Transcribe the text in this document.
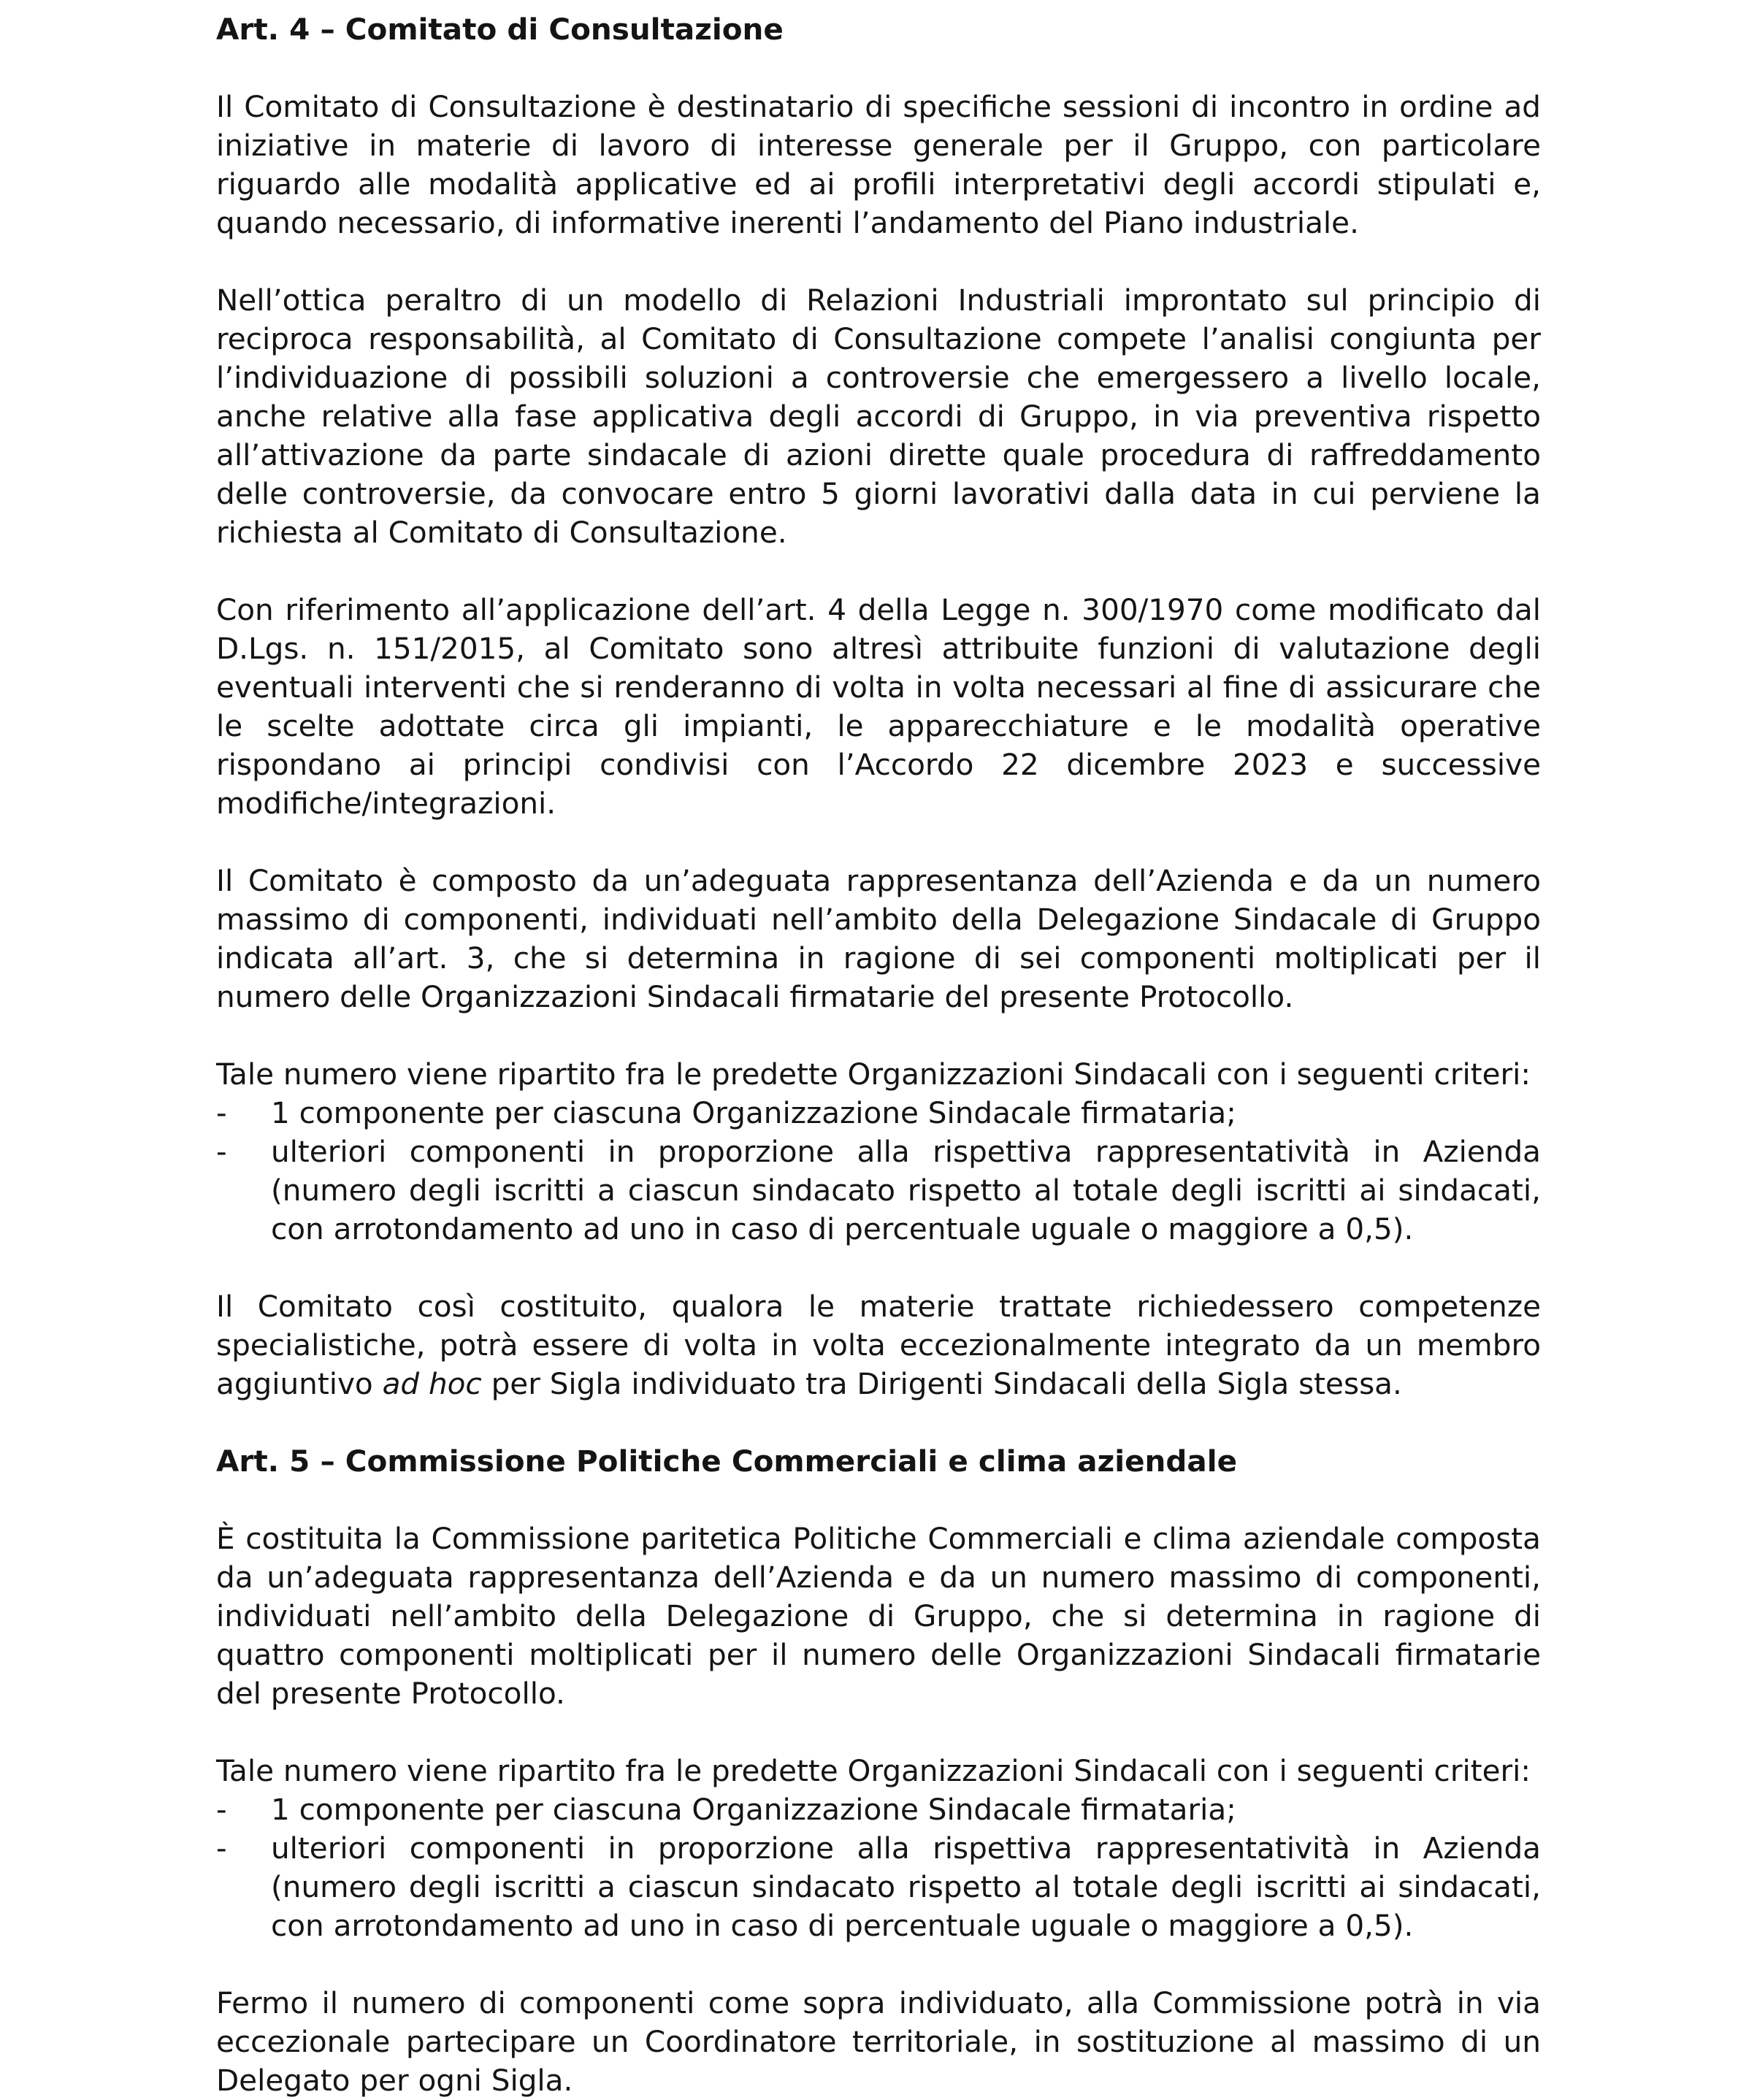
Art. 4 – Comitato di Consultazione

Il Comitato di Consultazione è destinatario di specifiche sessioni di incontro in ordine ad iniziative in materie di lavoro di interesse generale per il Gruppo, con particolare riguardo alle modalità applicative ed ai profili interpretativi degli accordi stipulati e, quando necessario, di informative inerenti l’andamento del Piano industriale.

Nell’ottica peraltro di un modello di Relazioni Industriali improntato sul principio di reciproca responsabilità, al Comitato di Consultazione compete l’analisi congiunta per l’individuazione di possibili soluzioni a controversie che emergessero a livello locale, anche relative alla fase applicativa degli accordi di Gruppo, in via preventiva rispetto all’attivazione da parte sindacale di azioni dirette quale procedura di raffreddamento delle controversie, da convocare entro 5 giorni lavorativi dalla data in cui perviene la richiesta al Comitato di Consultazione.

Con riferimento all’applicazione dell’art. 4 della Legge n. 300/1970 come modificato dal D.Lgs. n. 151/2015, al Comitato sono altresì attribuite funzioni di valutazione degli eventuali interventi che si renderanno di volta in volta necessari al fine di assicurare che le scelte adottate circa gli impianti, le apparecchiature e le modalità operative rispondano ai principi condivisi con l’Accordo 22 dicembre 2023 e successive modifiche/integrazioni.

Il Comitato è composto da un’adeguata rappresentanza dell’Azienda e da un numero massimo di componenti, individuati nell’ambito della Delegazione Sindacale di Gruppo indicata all’art. 3, che si determina in ragione di sei componenti moltiplicati per il numero delle Organizzazioni Sindacali firmatarie del presente Protocollo.

Tale numero viene ripartito fra le predette Organizzazioni Sindacali con i seguenti criteri:

- 1 componente per ciascuna Organizzazione Sindacale firmataria;
- ulteriori componenti in proporzione alla rispettiva rappresentatività in Azienda (numero degli iscritti a ciascun sindacato rispetto al totale degli iscritti ai sindacati, con arrotondamento ad uno in caso di percentuale uguale o maggiore a 0,5).

Il Comitato così costituito, qualora le materie trattate richiedessero competenze specialistiche, potrà essere di volta in volta eccezionalmente integrato da un membro aggiuntivo ad hoc per Sigla individuato tra Dirigenti Sindacali della Sigla stessa.

Art. 5 – Commissione Politiche Commerciali e clima aziendale

È costituita la Commissione paritetica Politiche Commerciali e clima aziendale composta da un’adeguata rappresentanza dell’Azienda e da un numero massimo di componenti, individuati nell’ambito della Delegazione di Gruppo, che si determina in ragione di quattro componenti moltiplicati per il numero delle Organizzazioni Sindacali firmatarie del presente Protocollo.

Tale numero viene ripartito fra le predette Organizzazioni Sindacali con i seguenti criteri:

- 1 componente per ciascuna Organizzazione Sindacale firmataria;
- ulteriori componenti in proporzione alla rispettiva rappresentatività in Azienda (numero degli iscritti a ciascun sindacato rispetto al totale degli iscritti ai sindacati, con arrotondamento ad uno in caso di percentuale uguale o maggiore a 0,5).

Fermo il numero di componenti come sopra individuato, alla Commissione potrà in via eccezionale partecipare un Coordinatore territoriale, in sostituzione al massimo di un Delegato per ogni Sigla.
